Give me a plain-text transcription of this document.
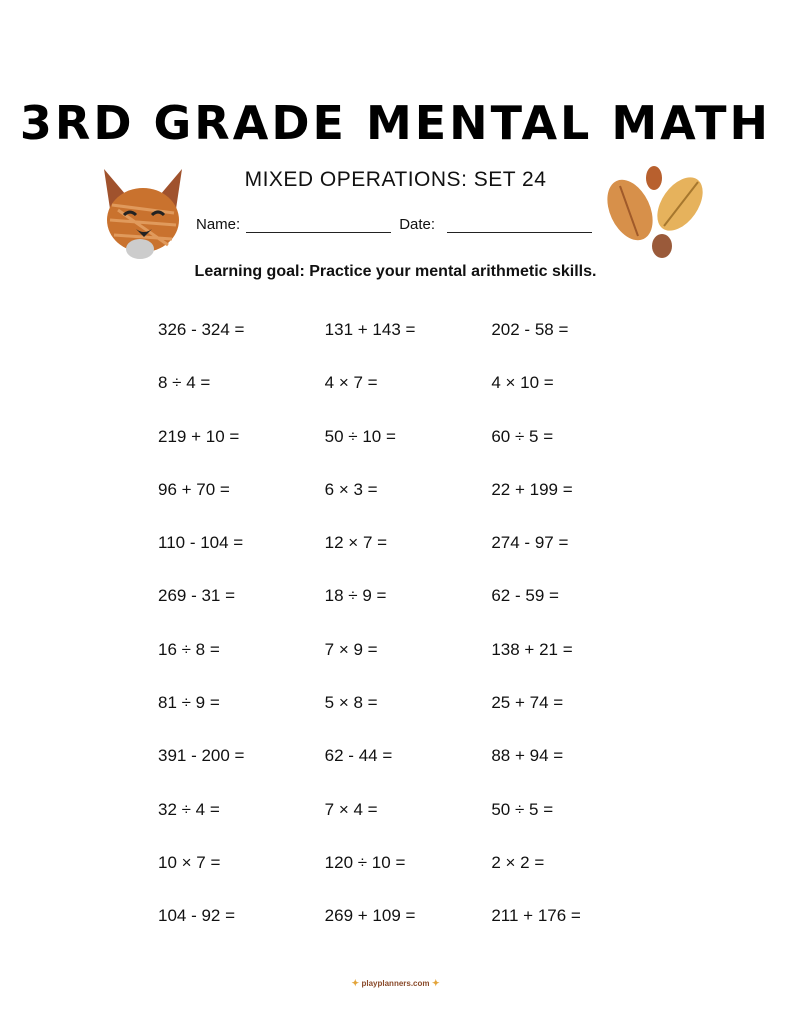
3RD GRADE MENTAL MATH
MIXED OPERATIONS: SET 24
Name:	Date:
Learning goal: Practice your mental arithmetic skills.
326 - 324 =	131 + 143 =	202 - 58 =
8 ÷ 4 =	4 × 7 =	4 × 10 =
219 + 10 =	50 ÷ 10 =	60 ÷ 5 =
96 + 70 =	6 × 3 =	22 + 199 =
110 - 104 =	12 × 7 =	274 - 97 =
269 - 31 =	18 ÷ 9 =	62 - 59 =
16 ÷ 8 =	7 × 9 =	138 + 21 =
81 ÷ 9 =	5 × 8 =	25 + 74 =
391 - 200 =	62 - 44 =	88 + 94 =
32 ÷ 4 =	7 × 4 =	50 ÷ 5 =
10 × 7 =	120 ÷ 10 =	2 × 2 =
104 - 92 =	269 + 109 =	211 + 176 =
✦ playplanners.com ✦
